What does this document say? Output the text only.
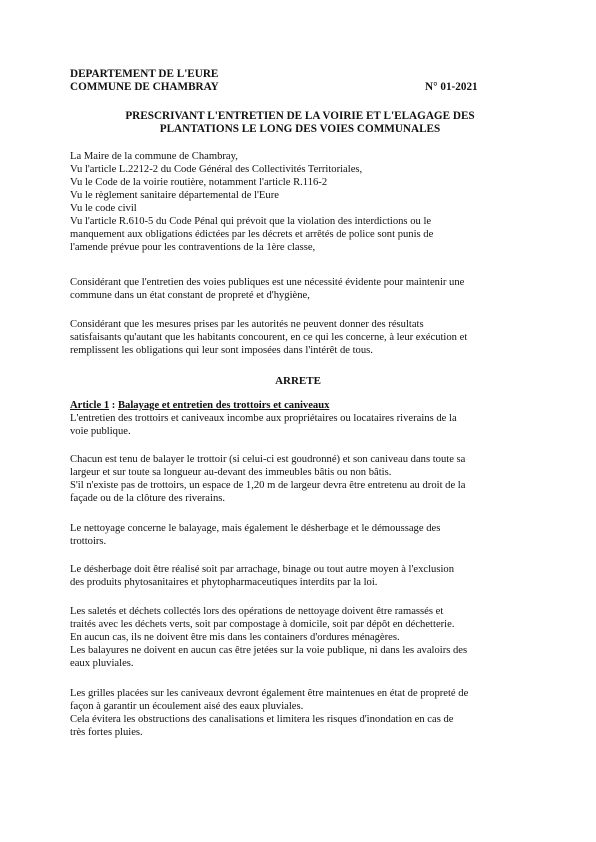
DEPARTEMENT DE L'EURE
COMMUNE DE CHAMBRAY	N° 01-2021
PRESCRIVANT L'ENTRETIEN DE LA VOIRIE ET L'ELAGAGE DES
PLANTATIONS LE LONG DES VOIES COMMUNALES
La Maire de la commune de Chambray,
Vu l'article L.2212-2 du Code Général des Collectivités Territoriales,
Vu le Code de la voirie routière, notamment l'article R.116-2
Vu le règlement sanitaire départemental de l'Eure
Vu le code civil
Vu l'article R.610-5 du Code Pénal qui prévoit que la violation des interdictions ou le
manquement aux obligations édictées par les décrets et arrêtés de police sont punis de
l'amende prévue pour les contraventions de la 1ère classe,
Considérant que l'entretien des voies publiques est une nécessité évidente pour maintenir une
commune dans un état constant de propreté et d'hygiène,
Considérant que les mesures prises par les autorités ne peuvent donner des résultats
satisfaisants qu'autant que les habitants concourent, en ce qui les concerne, à leur exécution et
remplissent les obligations qui leur sont imposées dans l'intérêt de tous.
ARRETE
Article 1 : Balayage et entretien des trottoirs et caniveaux
L'entretien des trottoirs et caniveaux incombe aux propriétaires ou locataires riverains de la
voie publique.
Chacun est tenu de balayer le trottoir (si celui-ci est goudronné) et son caniveau dans toute sa
largeur et sur toute sa longueur au-devant des immeubles bâtis ou non bâtis.
S'il n'existe pas de trottoirs, un espace de 1,20 m de largeur devra être entretenu au droit de la
façade ou de la clôture des riverains.
Le nettoyage concerne le balayage, mais également le désherbage et le démoussage des
trottoirs.
Le désherbage doit être réalisé soit par arrachage, binage ou tout autre moyen à l'exclusion
des produits phytosanitaires et phytopharmaceutiques interdits par la loi.
Les saletés et déchets collectés lors des opérations de nettoyage doivent être ramassés et
traités avec les déchets verts, soit par compostage à domicile, soit par dépôt en déchetterie.
En aucun cas, ils ne doivent être mis dans les containers d'ordures ménagères.
Les balayures ne doivent en aucun cas être jetées sur la voie publique, ni dans les avaloirs des
eaux pluviales.
Les grilles placées sur les caniveaux devront également être maintenues en état de propreté de
façon à garantir un écoulement aisé des eaux pluviales.
Cela évitera les obstructions des canalisations et limitera les risques d'inondation en cas de
très fortes pluies.
